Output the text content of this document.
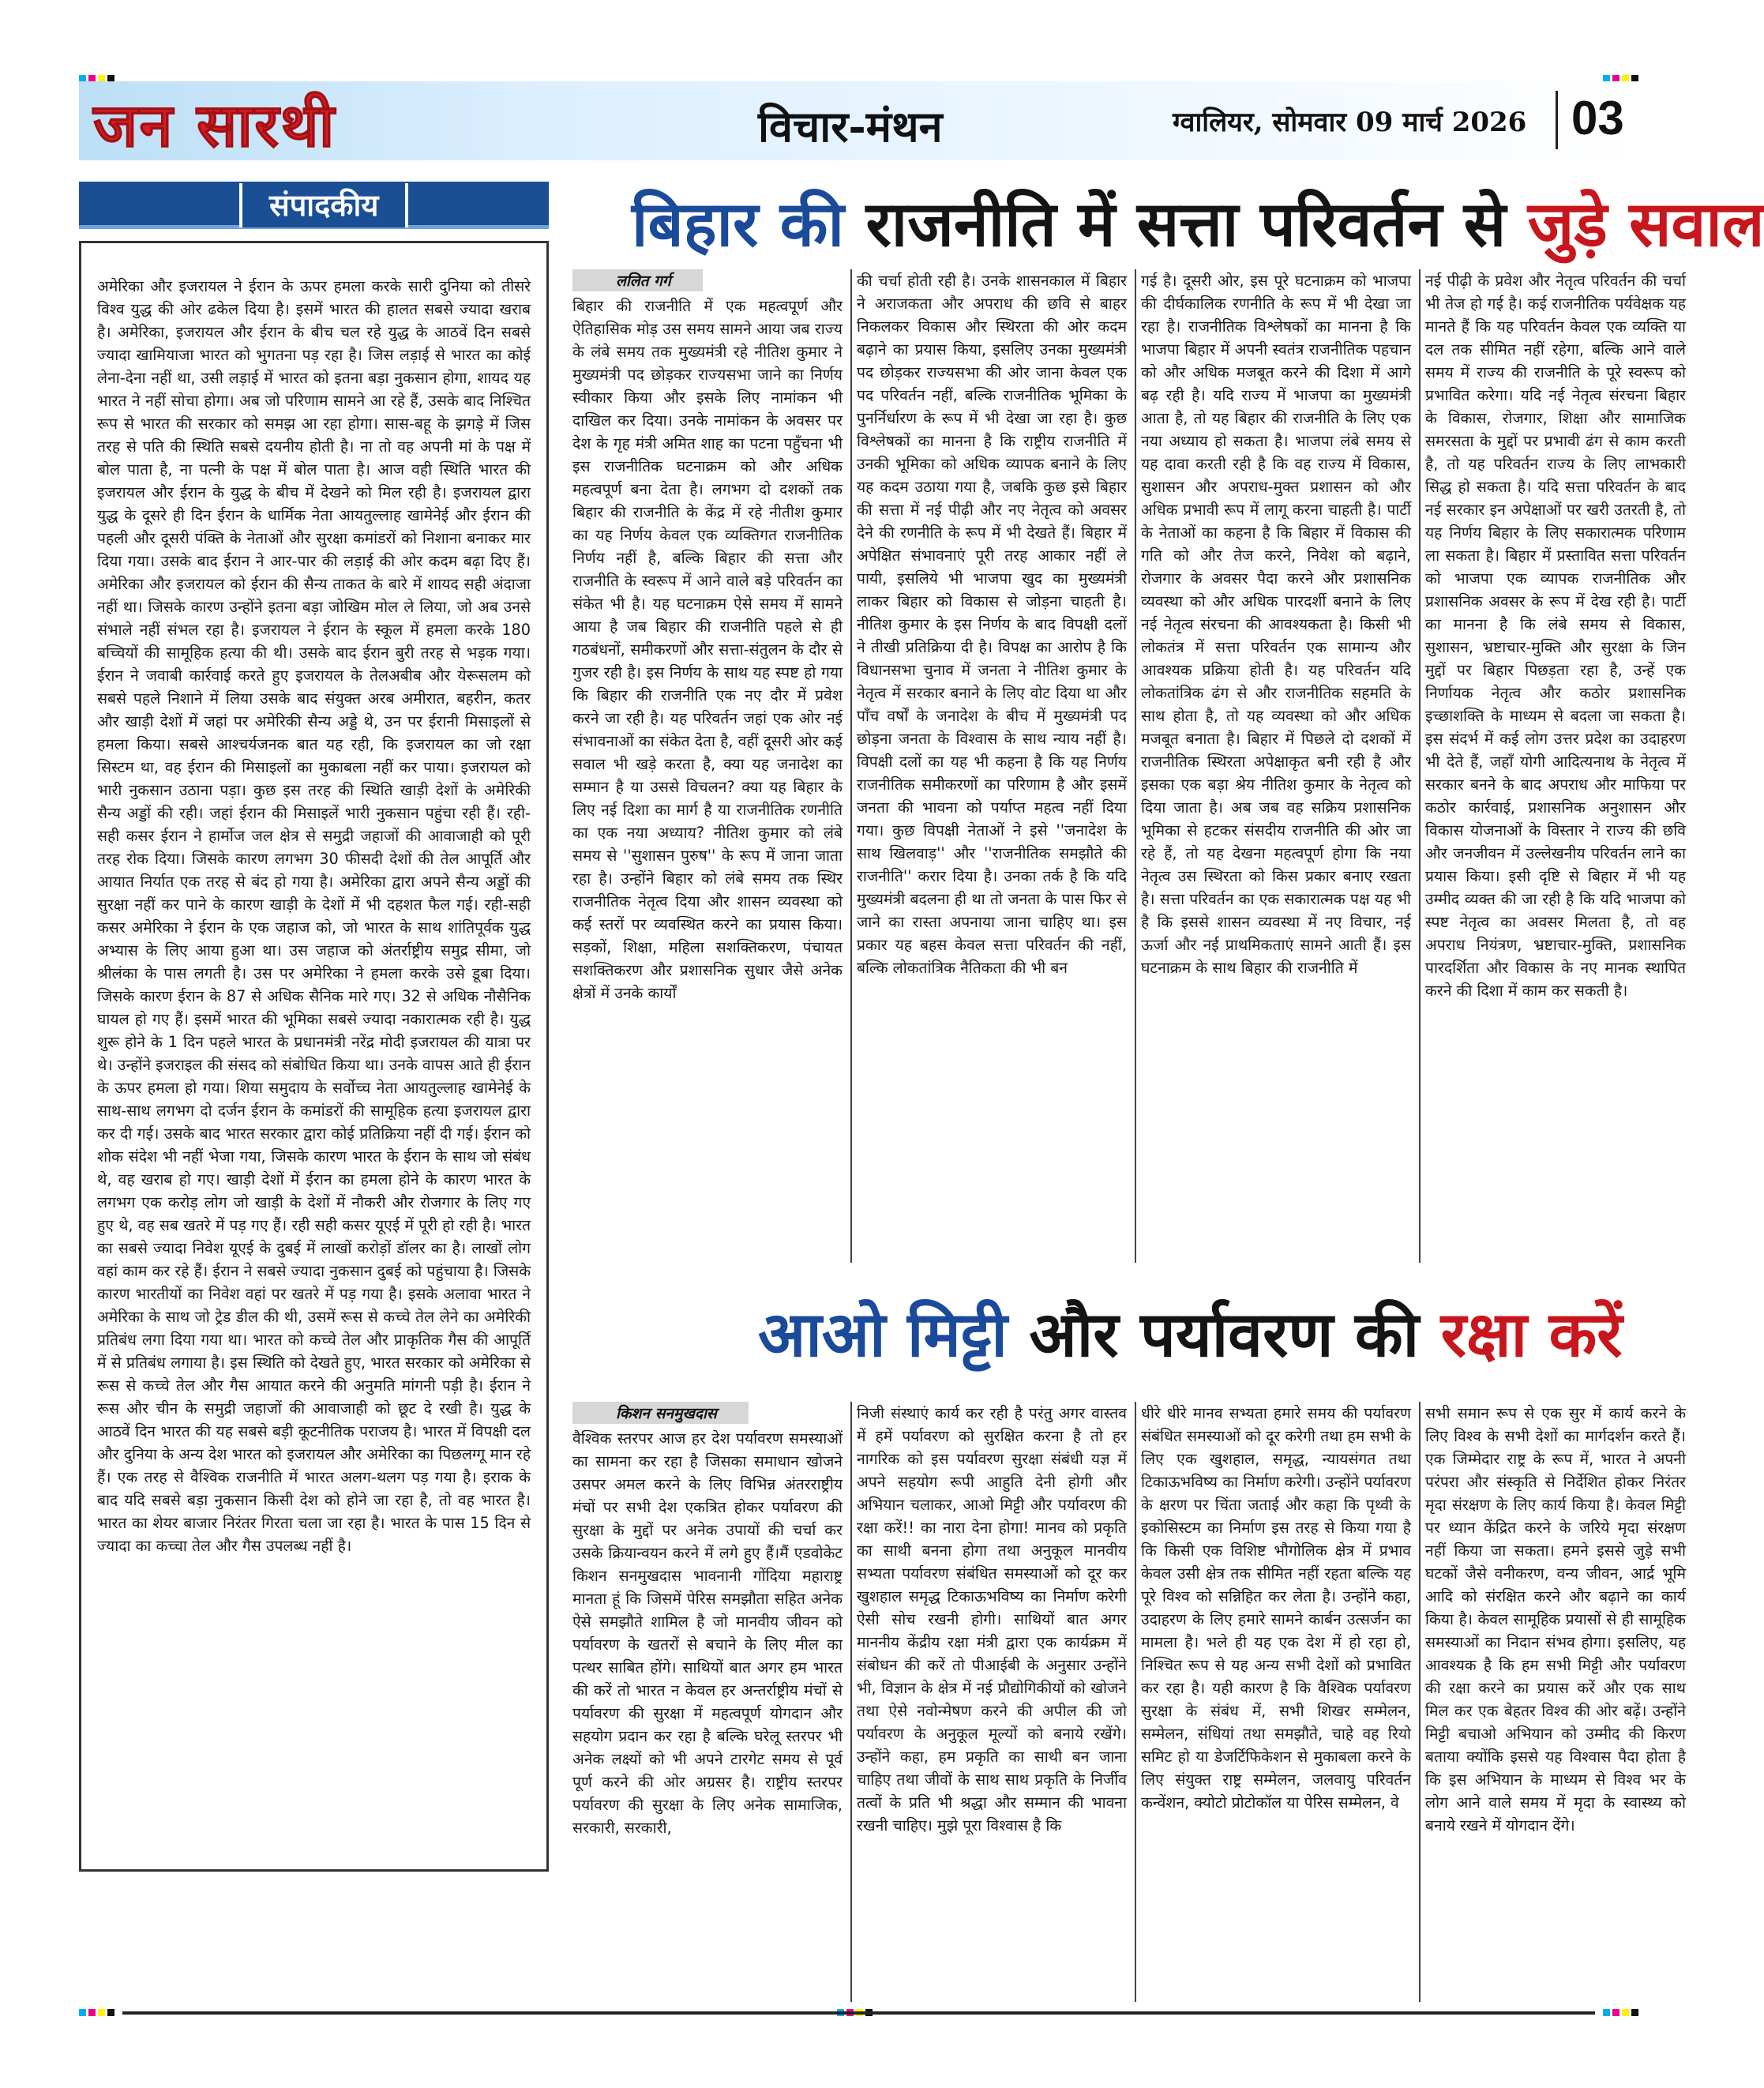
जन सारथी	विचार-मंथन	ग्वालियर, सोमवार 09 मार्च 2026 03
संपादकीय

अमेरिका और इजरायल ने ईरान के ऊपर हमला करके सारी दुनिया को तीसरे विश्व युद्ध की ओर ढकेल दिया है। इसमें भारत की हालत सबसे ज्यादा खराब है। अमेरिका, इजरायल और ईरान के बीच चल रहे युद्ध के आठवें दिन सबसे ज्यादा खामियाजा भारत को भुगतना पड़ रहा है। जिस लड़ाई से भारत का कोई लेना-देना नहीं था, उसी लड़ाई में भारत को इतना बड़ा नुकसान होगा, शायद यह भारत ने नहीं सोचा होगा। अब जो परिणाम सामने आ रहे हैं, उसके बाद निश्चित रूप से भारत की सरकार को समझ आ रहा होगा। सास-बहू के झगड़े में जिस तरह से पति की स्थिति सबसे दयनीय होती है। ना तो वह अपनी मां के पक्ष में बोल पाता है, ना पत्नी के पक्ष में बोल पाता है। आज वही स्थिति भारत की इजरायल और ईरान के युद्ध के बीच में देखने को मिल रही है। इजरायल द्वारा युद्ध के दूसरे ही दिन ईरान के धार्मिक नेता आयतुल्लाह खामेनेई और ईरान की पहली और दूसरी पंक्ति के नेताओं और सुरक्षा कमांडरों को निशाना बनाकर मार दिया गया। उसके बाद ईरान ने आर-पार की लड़ाई की ओर कदम बढ़ा दिए हैं। अमेरिका और इजरायल को ईरान की सैन्य ताकत के बारे में शायद सही अंदाजा नहीं था। जिसके कारण उन्होंने इतना बड़ा जोखिम मोल ले लिया, जो अब उनसे संभाले नहीं संभल रहा है। इजरायल ने ईरान के स्कूल में हमला करके 180 बच्चियों की सामूहिक हत्या की थी। उसके बाद ईरान बुरी तरह से भड़क गया। ईरान ने जवाबी कार्रवाई करते हुए इजरायल के तेलअबीब और येरूसलम को सबसे पहले निशाने में लिया उसके बाद संयुक्त अरब अमीरात, बहरीन, कतर और खाड़ी देशों में जहां पर अमेरिकी सैन्य अड्डे थे, उन पर ईरानी मिसाइलों से हमला किया। सबसे आश्चर्यजनक बात यह रही, कि इजरायल का जो रक्षा सिस्टम था, वह ईरान की मिसाइलों का मुकाबला नहीं कर पाया। इजरायल को भारी नुकसान उठाना पड़ा। कुछ इस तरह की स्थिति खाड़ी देशों के अमेरिकी सैन्य अड्डों की रही। जहां ईरान की मिसाइलें भारी नुकसान पहुंचा रही हैं। रही-सही कसर ईरान ने हार्मोज जल क्षेत्र से समुद्री जहाजों की आवाजाही को पूरी तरह रोक दिया। जिसके कारण लगभग 30 फीसदी देशों की तेल आपूर्ति और आयात निर्यात एक तरह से बंद हो गया है। अमेरिका द्वारा अपने सैन्य अड्डों की सुरक्षा नहीं कर पाने के कारण खाड़ी के देशों में भी दहशत फैल गई। रही-सही कसर अमेरिका ने ईरान के एक जहाज को, जो भारत के साथ शांतिपूर्वक युद्ध अभ्यास के लिए आया हुआ था। उस जहाज को अंतर्राष्ट्रीय समुद्र सीमा, जो श्रीलंका के पास लगती है। उस पर अमेरिका ने हमला करके उसे डूबा दिया। जिसके कारण ईरान के 87 से अधिक सैनिक मारे गए। 32 से अधिक नौसैनिक घायल हो गए हैं। इसमें भारत की भूमिका सबसे ज्यादा नकारात्मक रही है। युद्ध शुरू होने के 1 दिन पहले भारत के प्रधानमंत्री नरेंद्र मोदी इजरायल की यात्रा पर थे। उन्होंने इजराइल की संसद को संबोधित किया था। उनके वापस आते ही ईरान के ऊपर हमला हो गया। शिया समुदाय के सर्वोच्च नेता आयतुल्लाह खामेनेई के साथ-साथ लगभग दो दर्जन ईरान के कमांडरों की सामूहिक हत्या इजरायल द्वारा कर दी गई। उसके बाद भारत सरकार द्वारा कोई प्रतिक्रिया नहीं दी गई। ईरान को शोक संदेश भी नहीं भेजा गया, जिसके कारण भारत के ईरान के साथ जो संबंध थे, वह खराब हो गए। खाड़ी देशों में ईरान का हमला होने के कारण भारत के लगभग एक करोड़ लोग जो खाड़ी के देशों में नौकरी और रोजगार के लिए गए हुए थे, वह सब खतरे में पड़ गए हैं। रही सही कसर यूएई में पूरी हो रही है। भारत का सबसे ज्यादा निवेश यूएई के दुबई में लाखों करोड़ों डॉलर का है। लाखों लोग वहां काम कर रहे हैं। ईरान ने सबसे ज्यादा नुकसान दुबई को पहुंचाया है। जिसके कारण भारतीयों का निवेश वहां पर खतरे में पड़ गया है। इसके अलावा भारत ने अमेरिका के साथ जो ट्रेड डील की थी, उसमें रूस से कच्चे तेल लेने का अमेरिकी प्रतिबंध लगा दिया गया था। भारत को कच्चे तेल और प्राकृतिक गैस की आपूर्ति में से प्रतिबंध लगाया है। इस स्थिति को देखते हुए, भारत सरकार को अमेरिका से रूस से कच्चे तेल और गैस आयात करने की अनुमति मांगनी पड़ी है। ईरान ने रूस और चीन के समुद्री जहाजों की आवाजाही को छूट दे रखी है। युद्ध के आठवें दिन भारत की यह सबसे बड़ी कूटनीतिक पराजय है। भारत में विपक्षी दल और दुनिया के अन्य देश भारत को इजरायल और अमेरिका का पिछलग्गू मान रहे हैं। एक तरह से वैश्विक राजनीति में भारत अलग-थलग पड़ गया है। इराक के बाद यदि सबसे बड़ा नुकसान किसी देश को होने जा रहा है, तो वह भारत है। भारत का शेयर बाजार निरंतर गिरता चला जा रहा है। भारत के पास 15 दिन से ज्यादा का कच्चा तेल और गैस उपलब्ध नहीं है।

बिहार की राजनीति में सत्ता परिवर्तन से जुड़े सवाल
ललित गर्ग

बिहार की राजनीति में एक महत्वपूर्ण और ऐतिहासिक मोड़ उस समय सामने आया जब राज्य के लंबे समय तक मुख्यमंत्री रहे नीतिश कुमार ने मुख्यमंत्री पद छोड़कर राज्यसभा जाने का निर्णय स्वीकार किया और इसके लिए नामांकन भी दाखिल कर दिया। उनके नामांकन के अवसर पर देश के गृह मंत्री अमित शाह का पटना पहुँचना भी इस राजनीतिक घटनाक्रम को और अधिक महत्वपूर्ण बना देता है। लगभग दो दशकों तक बिहार की राजनीति के केंद्र में रहे नीतीश कुमार का यह निर्णय केवल एक व्यक्तिगत राजनीतिक निर्णय नहीं है, बल्कि बिहार की सत्ता और राजनीति के स्वरूप में आने वाले बड़े परिवर्तन का संकेत भी है। यह घटनाक्रम ऐसे समय में सामने आया है जब बिहार की राजनीति पहले से ही गठबंधनों, समीकरणों और सत्ता-संतुलन के दौर से गुजर रही है। इस निर्णय के साथ यह स्पष्ट हो गया कि बिहार की राजनीति एक नए दौर में प्रवेश करने जा रही है। यह परिवर्तन जहां एक ओर नई संभावनाओं का संकेत देता है, वहीं दूसरी ओर कई सवाल भी खड़े करता है, क्या यह जनादेश का सम्मान है या उससे विचलन? क्या यह बिहार के लिए नई दिशा का मार्ग है या राजनीतिक रणनीति का एक नया अध्याय? नीतिश कुमार को लंबे समय से ''सुशासन पुरुष'' के रूप में जाना जाता रहा है। उन्होंने बिहार को लंबे समय तक स्थिर राजनीतिक नेतृत्व दिया और शासन व्यवस्था को कई स्तरों पर व्यवस्थित करने का प्रयास किया। सड़कों, शिक्षा, महिला सशक्तिकरण, पंचायत सशक्तिकरण और प्रशासनिक सुधार जैसे अनेक क्षेत्रों में उनके कार्यों

की चर्चा होती रही है। उनके शासनकाल में बिहार ने अराजकता और अपराध की छवि से बाहर निकलकर विकास और स्थिरता की ओर कदम बढ़ाने का प्रयास किया, इसलिए उनका मुख्यमंत्री पद छोड़कर राज्यसभा की ओर जाना केवल एक पद परिवर्तन नहीं, बल्कि राजनीतिक भूमिका के पुनर्निर्धारण के रूप में भी देखा जा रहा है। कुछ विश्लेषकों का मानना है कि राष्ट्रीय राजनीति में उनकी भूमिका को अधिक व्यापक बनाने के लिए यह कदम उठाया गया है, जबकि कुछ इसे बिहार की सत्ता में नई पीढ़ी और नए नेतृत्व को अवसर देने की रणनीति के रूप में भी देखते हैं। बिहार में अपेक्षित संभावनाएं पूरी तरह आकार नहीं ले पायी, इसलिये भी भाजपा खुद का मुख्यमंत्री लाकर बिहार को विकास से जोड़ना चाहती है। नीतिश कुमार के इस निर्णय के बाद विपक्षी दलों ने तीखी प्रतिक्रिया दी है। विपक्ष का आरोप है कि विधानसभा चुनाव में जनता ने नीतिश कुमार के नेतृत्व में सरकार बनाने के लिए वोट दिया था और पाँच वर्षों के जनादेश के बीच में मुख्यमंत्री पद छोड़ना जनता के विश्वास के साथ न्याय नहीं है। विपक्षी दलों का यह भी कहना है कि यह निर्णय राजनीतिक समीकरणों का परिणाम है और इसमें जनता की भावना को पर्याप्त महत्व नहीं दिया गया। कुछ विपक्षी नेताओं ने इसे ''जनादेश के साथ खिलवाड़'' और ''राजनीतिक समझौते की राजनीति'' करार दिया है। उनका तर्क है कि यदि मुख्यमंत्री बदलना ही था तो जनता के पास फिर से जाने का रास्ता अपनाया जाना चाहिए था। इस प्रकार यह बहस केवल सत्ता परिवर्तन की नहीं, बल्कि लोकतांत्रिक नैतिकता की भी बन

गई है। दूसरी ओर, इस पूरे घटनाक्रम को भाजपा की दीर्घकालिक रणनीति के रूप में भी देखा जा रहा है। राजनीतिक विश्लेषकों का मानना है कि भाजपा बिहार में अपनी स्वतंत्र राजनीतिक पहचान को और अधिक मजबूत करने की दिशा में आगे बढ़ रही है। यदि राज्य में भाजपा का मुख्यमंत्री आता है, तो यह बिहार की राजनीति के लिए एक नया अध्याय हो सकता है। भाजपा लंबे समय से यह दावा करती रही है कि वह राज्य में विकास, सुशासन और अपराध-मुक्त प्रशासन को और अधिक प्रभावी रूप में लागू करना चाहती है। पार्टी के नेताओं का कहना है कि बिहार में विकास की गति को और तेज करने, निवेश को बढ़ाने, रोजगार के अवसर पैदा करने और प्रशासनिक व्यवस्था को और अधिक पारदर्शी बनाने के लिए नई नेतृत्व संरचना की आवश्यकता है। किसी भी लोकतंत्र में सत्ता परिवर्तन एक सामान्य और आवश्यक प्रक्रिया होती है। यह परिवर्तन यदि लोकतांत्रिक ढंग से और राजनीतिक सहमति के साथ होता है, तो यह व्यवस्था को और अधिक मजबूत बनाता है। बिहार में पिछले दो दशकों में राजनीतिक स्थिरता अपेक्षाकृत बनी रही है और इसका एक बड़ा श्रेय नीतिश कुमार के नेतृत्व को दिया जाता है। अब जब वह सक्रिय प्रशासनिक भूमिका से हटकर संसदीय राजनीति की ओर जा रहे हैं, तो यह देखना महत्वपूर्ण होगा कि नया नेतृत्व उस स्थिरता को किस प्रकार बनाए रखता है। सत्ता परिवर्तन का एक सकारात्मक पक्ष यह भी है कि इससे शासन व्यवस्था में नए विचार, नई ऊर्जा और नई प्राथमिकताएं सामने आती हैं। इस घटनाक्रम के साथ बिहार की राजनीति में

नई पीढ़ी के प्रवेश और नेतृत्व परिवर्तन की चर्चा भी तेज हो गई है। कई राजनीतिक पर्यवेक्षक यह मानते हैं कि यह परिवर्तन केवल एक व्यक्ति या दल तक सीमित नहीं रहेगा, बल्कि आने वाले समय में राज्य की राजनीति के पूरे स्वरूप को प्रभावित करेगा। यदि नई नेतृत्व संरचना बिहार के विकास, रोजगार, शिक्षा और सामाजिक समरसता के मुद्दों पर प्रभावी ढंग से काम करती है, तो यह परिवर्तन राज्य के लिए लाभकारी सिद्ध हो सकता है। यदि सत्ता परिवर्तन के बाद नई सरकार इन अपेक्षाओं पर खरी उतरती है, तो यह निर्णय बिहार के लिए सकारात्मक परिणाम ला सकता है। बिहार में प्रस्तावित सत्ता परिवर्तन को भाजपा एक व्यापक राजनीतिक और प्रशासनिक अवसर के रूप में देख रही है। पार्टी का मानना है कि लंबे समय से विकास, सुशासन, भ्रष्टाचार-मुक्ति और सुरक्षा के जिन मुद्दों पर बिहार पिछड़ता रहा है, उन्हें एक निर्णायक नेतृत्व और कठोर प्रशासनिक इच्छाशक्ति के माध्यम से बदला जा सकता है। इस संदर्भ में कई लोग उत्तर प्रदेश का उदाहरण भी देते हैं, जहाँ योगी आदित्यनाथ के नेतृत्व में सरकार बनने के बाद अपराध और माफिया पर कठोर कार्रवाई, प्रशासनिक अनुशासन और विकास योजनाओं के विस्तार ने राज्य की छवि और जनजीवन में उल्लेखनीय परिवर्तन लाने का प्रयास किया। इसी दृष्टि से बिहार में भी यह उम्मीद व्यक्त की जा रही है कि यदि भाजपा को स्पष्ट नेतृत्व का अवसर मिलता है, तो वह अपराध नियंत्रण, भ्रष्टाचार-मुक्ति, प्रशासनिक पारदर्शिता और विकास के नए मानक स्थापित करने की दिशा में काम कर सकती है।

आओ मिट्टी और पर्यावरण की रक्षा करें
किशन सनमुखदास

वैश्विक स्तरपर आज हर देश पर्यावरण समस्याओं का सामना कर रहा है जिसका समाधान खोजने उसपर अमल करने के लिए विभिन्न अंतरराष्ट्रीय मंचों पर सभी देश एकत्रित होकर पर्यावरण की सुरक्षा के मुद्दों पर अनेक उपायों की चर्चा कर उसके क्रियान्वयन करने में लगे हुए हैं।मैं एडवोकेट किशन सनमुखदास भावनानी गोंदिया महाराष्ट्र मानता हूं कि जिसमें पेरिस समझौता सहित अनेक ऐसे समझौते शामिल है जो मानवीय जीवन को पर्यावरण के खतरों से बचाने के लिए मील का पत्थर साबित होंगे। साथियों बात अगर हम भारत की करें तो भारत न केवल हर अन्तर्राष्ट्रीय मंचों से पर्यावरण की सुरक्षा में महत्वपूर्ण योगदान और सहयोग प्रदान कर रहा है बल्कि घरेलू स्तरपर भी अनेक लक्ष्यों को भी अपने टारगेट समय से पूर्व पूर्ण करने की ओर अग्रसर है। राष्ट्रीय स्तरपर पर्यावरण की सुरक्षा के लिए अनेक सामाजिक, सरकारी, सरकारी,

निजी संस्थाएं कार्य कर रही है परंतु अगर वास्तव में हमें पर्यावरण को सुरक्षित करना है तो हर नागरिक को इस पर्यावरण सुरक्षा संबंधी यज्ञ में अपने सहयोग रूपी आहुति देनी होगी और अभियान चलाकर, आओ मिट्टी और पर्यावरण की रक्षा करें!! का नारा देना होगा! मानव को प्रकृति का साथी बनना होगा तथा अनुकूल मानवीय सभ्यता पर्यावरण संबंधित समस्याओं को दूर कर खुशहाल समृद्ध टिकाऊभविष्य का निर्माण करेगी ऐसी सोच रखनी होगी। साथियों बात अगर माननीय केंद्रीय रक्षा मंत्री द्वारा एक कार्यक्रम में संबोधन की करें तो पीआईबी के अनुसार उन्होंने भी, विज्ञान के क्षेत्र में नई प्रौद्योगिकीयों को खोजने तथा ऐसे नवोन्मेषण करने की अपील की जो पर्यावरण के अनुकूल मूल्यों को बनाये रखेंगे। उन्होंने कहा, हम प्रकृति का साथी बन जाना चाहिए तथा जीवों के साथ साथ प्रकृति के निर्जीव तत्वों के प्रति भी श्रद्धा और सम्मान की भावना रखनी चाहिए। मुझे पूरा विश्वास है कि

धीरे धीरे मानव सभ्यता हमारे समय की पर्यावरण संबंधित समस्याओं को दूर करेगी तथा हम सभी के लिए एक खुशहाल, समृद्ध, न्यायसंगत तथा टिकाऊभविष्य का निर्माण करेगी। उन्होंने पर्यावरण के क्षरण पर चिंता जताई और कहा कि पृथ्वी के इकोसिस्टम का निर्माण इस तरह से किया गया है कि किसी एक विशिष्ट भौगोलिक क्षेत्र में प्रभाव केवल उसी क्षेत्र तक सीमित नहीं रहता बल्कि यह पूरे विश्व को सन्निहित कर लेता है। उन्होंने कहा, उदाहरण के लिए हमारे सामने कार्बन उत्सर्जन का मामला है। भले ही यह एक देश में हो रहा हो, निश्चित रूप से यह अन्य सभी देशों को प्रभावित कर रहा है। यही कारण है कि वैश्विक पर्यावरण सुरक्षा के संबंध में, सभी शिखर सम्मेलन, सम्मेलन, संधियां तथा समझौते, चाहे वह रियो समिट हो या डेजर्टिफिकेशन से मुकाबला करने के लिए संयुक्त राष्ट्र सम्मेलन, जलवायु परिवर्तन कन्वेंशन, क्योटो प्रोटोकॉल या पेरिस सम्मेलन, वे

सभी समान रूप से एक सुर में कार्य करने के लिए विश्व के सभी देशों का मार्गदर्शन करते हैं। एक जिम्मेदार राष्ट्र के रूप में, भारत ने अपनी परंपरा और संस्कृति से निर्देशित होकर निरंतर मृदा संरक्षण के लिए कार्य किया है। केवल मिट्टी पर ध्यान केंद्रित करने के जरिये मृदा संरक्षण नहीं किया जा सकता। हमने इससे जुड़े सभी घटकों जैसे वनीकरण, वन्य जीवन, आर्द्र भूमि आदि को संरक्षित करने और बढ़ाने का कार्य किया है। केवल सामूहिक प्रयासों से ही सामूहिक समस्याओं का निदान संभव होगा। इसलिए, यह आवश्यक है कि हम सभी मिट्टी और पर्यावरण की रक्षा करने का प्रयास करें और एक साथ मिल कर एक बेहतर विश्व की ओर बढ़ें। उन्होंने मिट्टी बचाओ अभियान को उम्मीद की किरण बताया क्योंकि इससे यह विश्वास पैदा होता है कि इस अभियान के माध्यम से विश्व भर के लोग आने वाले समय में मृदा के स्वास्थ्य को बनाये रखने में योगदान देंगे।
